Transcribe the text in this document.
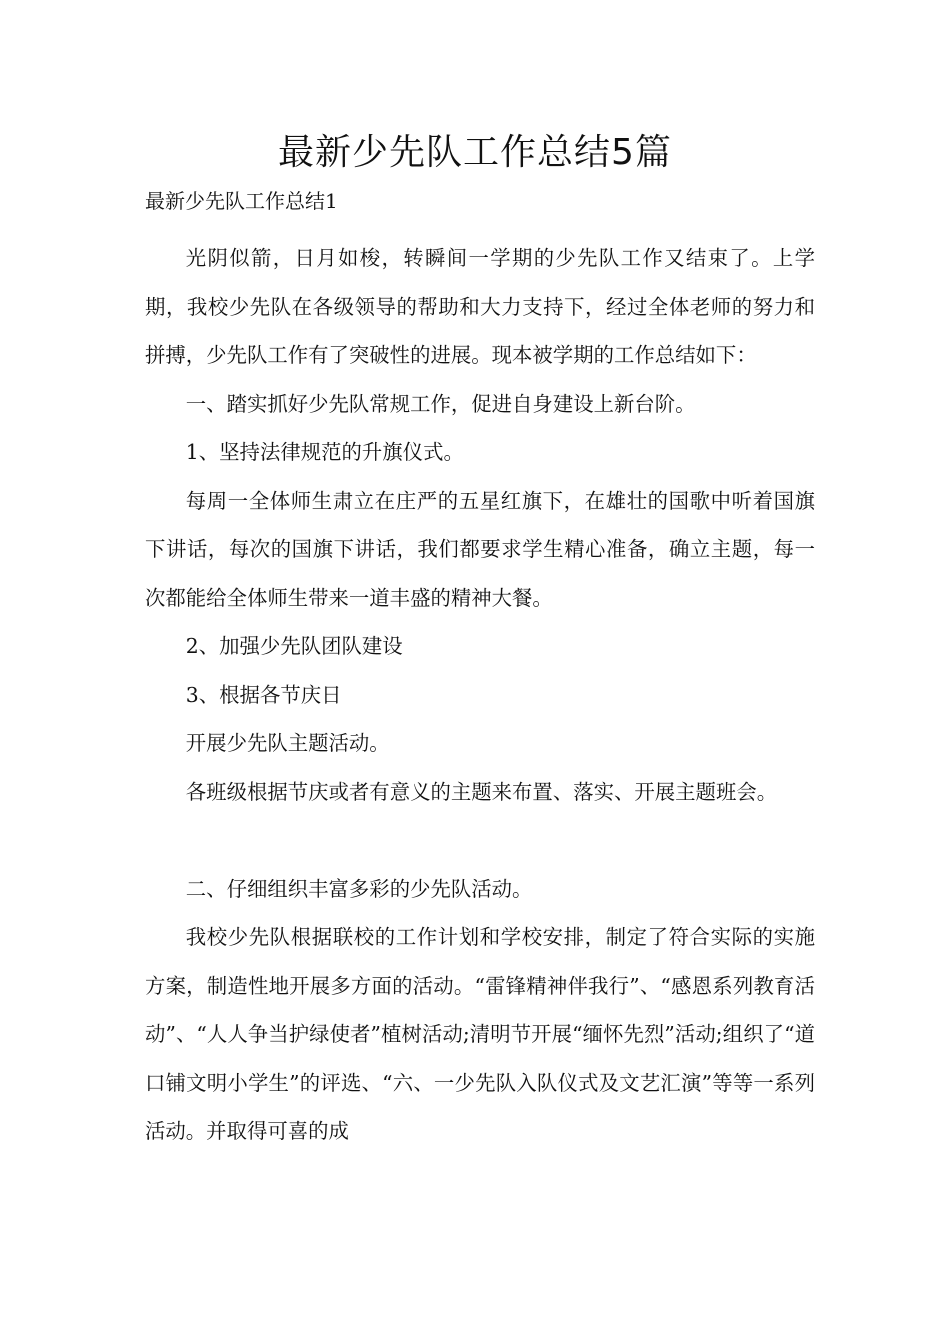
最新少先队工作总结5篇
最新少先队工作总结1

光阴似箭，日月如梭，转瞬间一学期的少先队工作又结束了。上学期，我校少先队在各级领导的帮助和大力支持下，经过全体老师的努力和拼搏，少先队工作有了突破性的进展。现本被学期的工作总结如下：

一、踏实抓好少先队常规工作，促进自身建设上新台阶。

1、坚持法律规范的升旗仪式。

每周一全体师生肃立在庄严的五星红旗下，在雄壮的国歌中听着国旗下讲话，每次的国旗下讲话，我们都要求学生精心准备，确立主题，每一次都能给全体师生带来一道丰盛的精神大餐。

2、加强少先队团队建设

3、根据各节庆日

开展少先队主题活动。

各班级根据节庆或者有意义的主题来布置、落实、开展主题班会。

二、仔细组织丰富多彩的少先队活动。

我校少先队根据联校的工作计划和学校安排，制定了符合实际的实施方案，制造性地开展多方面的活动。“雷锋精神伴我行”、“感恩系列教育活动”、“人人争当护绿使者”植树活动;清明节开展“缅怀先烈”活动;组织了“道口铺文明小学生”的评选、“六、一少先队入队仪式及文艺汇演”等等一系列活动。并取得可喜的成
